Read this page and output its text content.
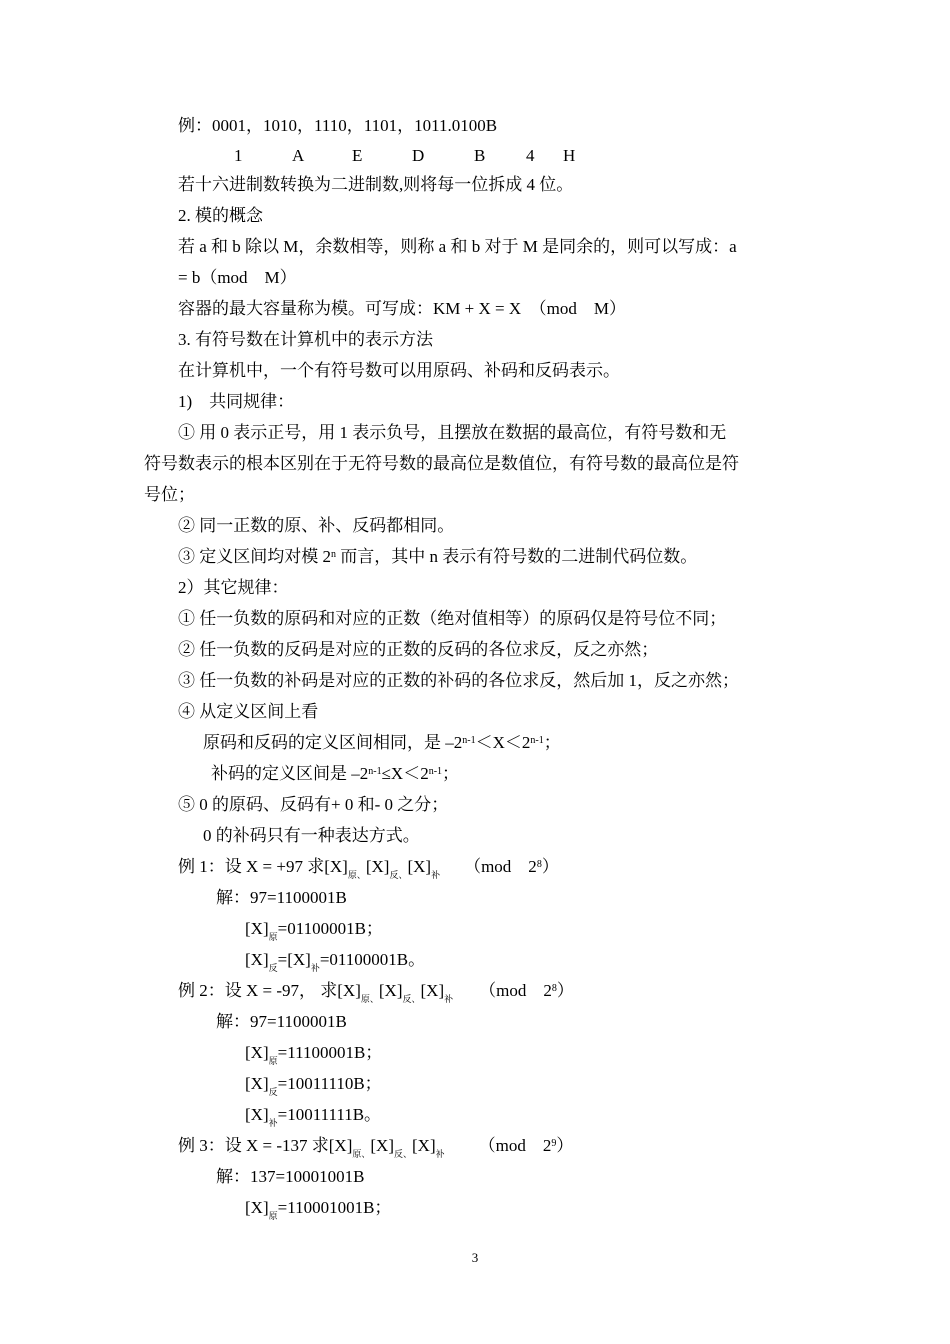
例：0001，1010，1110，1101，1011.0100B
1	A	E	D	B 4 H
若十六进制数转换为二进制数,则将每一位拆成 4 位。
2. 模的概念
若 a 和 b 除以 M，余数相等，则称 a 和 b 对于 M 是同余的，则可以写成：a
= b（mod　M）
容器的最大容量称为模。可写成：KM + X = X　（mod　M）
3. 有符号数在计算机中的表示方法
在计算机中，一个有符号数可以用原码、补码和反码表示。
1)　共同规律：
① 用 0 表示正号，用 1 表示负号，且摆放在数据的最高位，有符号数和无
符号数表示的根本区别在于无符号数的最高位是数值位，有符号数的最高位是符
号位；
② 同一正数的原、补、反码都相同。
③ 定义区间均对模 2$^n$ 而言，其中 n 表示有符号数的二进制代码位数。
2）其它规律：
① 任一负数的原码和对应的正数（绝对值相等）的原码仅是符号位不同；
② 任一负数的反码是对应的正数的反码的各位求反，反之亦然；
③ 任一负数的补码是对应的正数的补码的各位求反，然后加 1，反之亦然；
④ 从定义区间上看
原码和反码的定义区间相同，是 $-2^{n-1}<X<2^{n-1}$；
补码的定义区间是 $-2^{n-1}\le X<2^{n-1}$；
⑤ 0 的原码、反码有+ 0 和- 0 之分；
0 的补码只有一种表达方式。
例 1：设 X = +97 求$[X]_{原、}[X]_{反、}[X]_补$ （mod　$2^8$）
解：97=1100001B
$[X]_原=01100001B$；
$[X]_反=[X]_补=01100001B$。
例 2：设 X = -97， 求$[X]_{原、}[X]_{反、}[X]_补$ （mod　$2^8$）
解：97=1100001B
$[X]_原=11100001B$；
$[X]_反=10011110B$；
$[X]_补=10011111B$。
例 3：设 X = -137 求$[X]_{原、}[X]_{反、}[X]_补$ （mod　$2^9$）
解：137=10001001B
$[X]_原=110001001B$；
3
